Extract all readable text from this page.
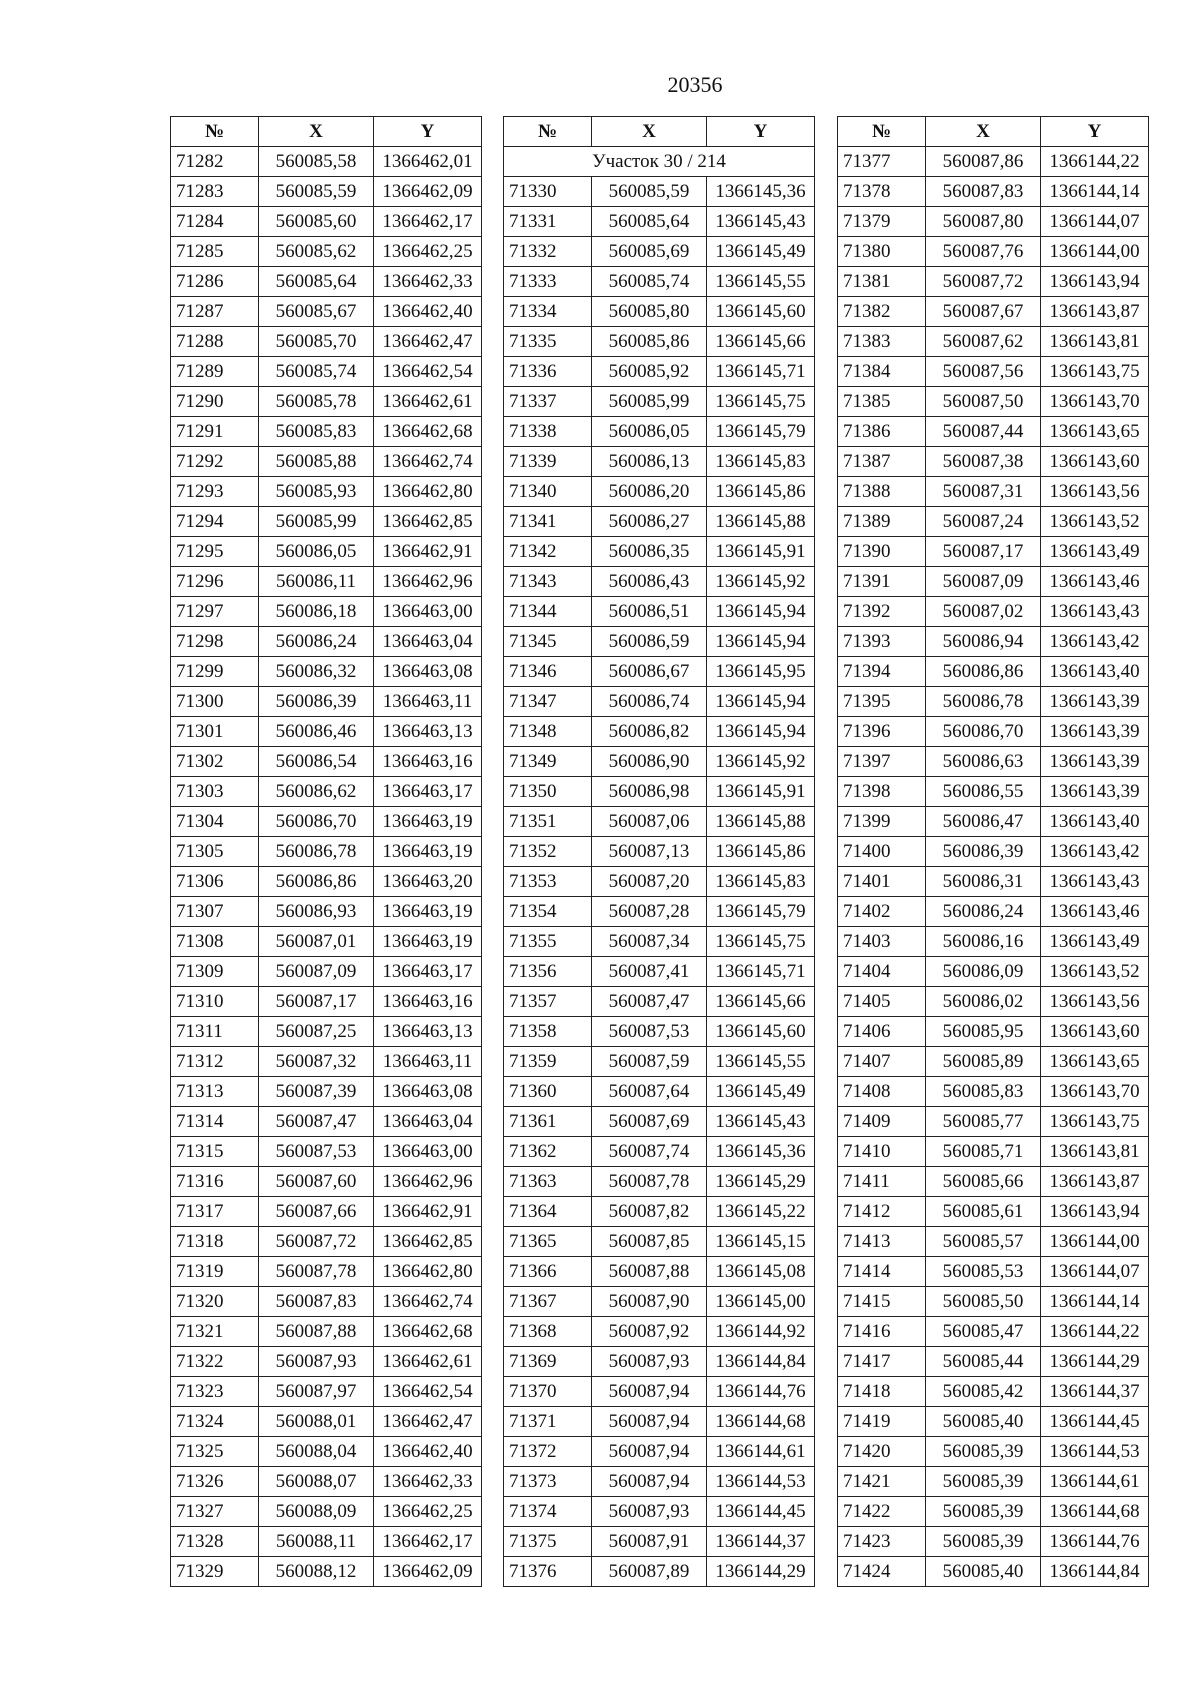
20356
№	X	Y
71282	560085,58	1366462,01
71283	560085,59	1366462,09
71284	560085,60	1366462,17
71285	560085,62	1366462,25
71286	560085,64	1366462,33
71287	560085,67	1366462,40
71288	560085,70	1366462,47
71289	560085,74	1366462,54
71290	560085,78	1366462,61
71291	560085,83	1366462,68
71292	560085,88	1366462,74
71293	560085,93	1366462,80
71294	560085,99	1366462,85
71295	560086,05	1366462,91
71296	560086,11	1366462,96
71297	560086,18	1366463,00
71298	560086,24	1366463,04
71299	560086,32	1366463,08
71300	560086,39	1366463,11
71301	560086,46	1366463,13
71302	560086,54	1366463,16
71303	560086,62	1366463,17
71304	560086,70	1366463,19
71305	560086,78	1366463,19
71306	560086,86	1366463,20
71307	560086,93	1366463,19
71308	560087,01	1366463,19
71309	560087,09	1366463,17
71310	560087,17	1366463,16
71311	560087,25	1366463,13
71312	560087,32	1366463,11
71313	560087,39	1366463,08
71314	560087,47	1366463,04
71315	560087,53	1366463,00
71316	560087,60	1366462,96
71317	560087,66	1366462,91
71318	560087,72	1366462,85
71319	560087,78	1366462,80
71320	560087,83	1366462,74
71321	560087,88	1366462,68
71322	560087,93	1366462,61
71323	560087,97	1366462,54
71324	560088,01	1366462,47
71325	560088,04	1366462,40
71326	560088,07	1366462,33
71327	560088,09	1366462,25
71328	560088,11	1366462,17
71329	560088,12	1366462,09
№	X	Y
Участок 30 / 214		
71330	560085,59	1366145,36
71331	560085,64	1366145,43
71332	560085,69	1366145,49
71333	560085,74	1366145,55
71334	560085,80	1366145,60
71335	560085,86	1366145,66
71336	560085,92	1366145,71
71337	560085,99	1366145,75
71338	560086,05	1366145,79
71339	560086,13	1366145,83
71340	560086,20	1366145,86
71341	560086,27	1366145,88
71342	560086,35	1366145,91
71343	560086,43	1366145,92
71344	560086,51	1366145,94
71345	560086,59	1366145,94
71346	560086,67	1366145,95
71347	560086,74	1366145,94
71348	560086,82	1366145,94
71349	560086,90	1366145,92
71350	560086,98	1366145,91
71351	560087,06	1366145,88
71352	560087,13	1366145,86
71353	560087,20	1366145,83
71354	560087,28	1366145,79
71355	560087,34	1366145,75
71356	560087,41	1366145,71
71357	560087,47	1366145,66
71358	560087,53	1366145,60
71359	560087,59	1366145,55
71360	560087,64	1366145,49
71361	560087,69	1366145,43
71362	560087,74	1366145,36
71363	560087,78	1366145,29
71364	560087,82	1366145,22
71365	560087,85	1366145,15
71366	560087,88	1366145,08
71367	560087,90	1366145,00
71368	560087,92	1366144,92
71369	560087,93	1366144,84
71370	560087,94	1366144,76
71371	560087,94	1366144,68
71372	560087,94	1366144,61
71373	560087,94	1366144,53
71374	560087,93	1366144,45
71375	560087,91	1366144,37
71376	560087,89	1366144,29
№	X	Y
71377	560087,86	1366144,22
71378	560087,83	1366144,14
71379	560087,80	1366144,07
71380	560087,76	1366144,00
71381	560087,72	1366143,94
71382	560087,67	1366143,87
71383	560087,62	1366143,81
71384	560087,56	1366143,75
71385	560087,50	1366143,70
71386	560087,44	1366143,65
71387	560087,38	1366143,60
71388	560087,31	1366143,56
71389	560087,24	1366143,52
71390	560087,17	1366143,49
71391	560087,09	1366143,46
71392	560087,02	1366143,43
71393	560086,94	1366143,42
71394	560086,86	1366143,40
71395	560086,78	1366143,39
71396	560086,70	1366143,39
71397	560086,63	1366143,39
71398	560086,55	1366143,39
71399	560086,47	1366143,40
71400	560086,39	1366143,42
71401	560086,31	1366143,43
71402	560086,24	1366143,46
71403	560086,16	1366143,49
71404	560086,09	1366143,52
71405	560086,02	1366143,56
71406	560085,95	1366143,60
71407	560085,89	1366143,65
71408	560085,83	1366143,70
71409	560085,77	1366143,75
71410	560085,71	1366143,81
71411	560085,66	1366143,87
71412	560085,61	1366143,94
71413	560085,57	1366144,00
71414	560085,53	1366144,07
71415	560085,50	1366144,14
71416	560085,47	1366144,22
71417	560085,44	1366144,29
71418	560085,42	1366144,37
71419	560085,40	1366144,45
71420	560085,39	1366144,53
71421	560085,39	1366144,61
71422	560085,39	1366144,68
71423	560085,39	1366144,76
71424	560085,40	1366144,84
